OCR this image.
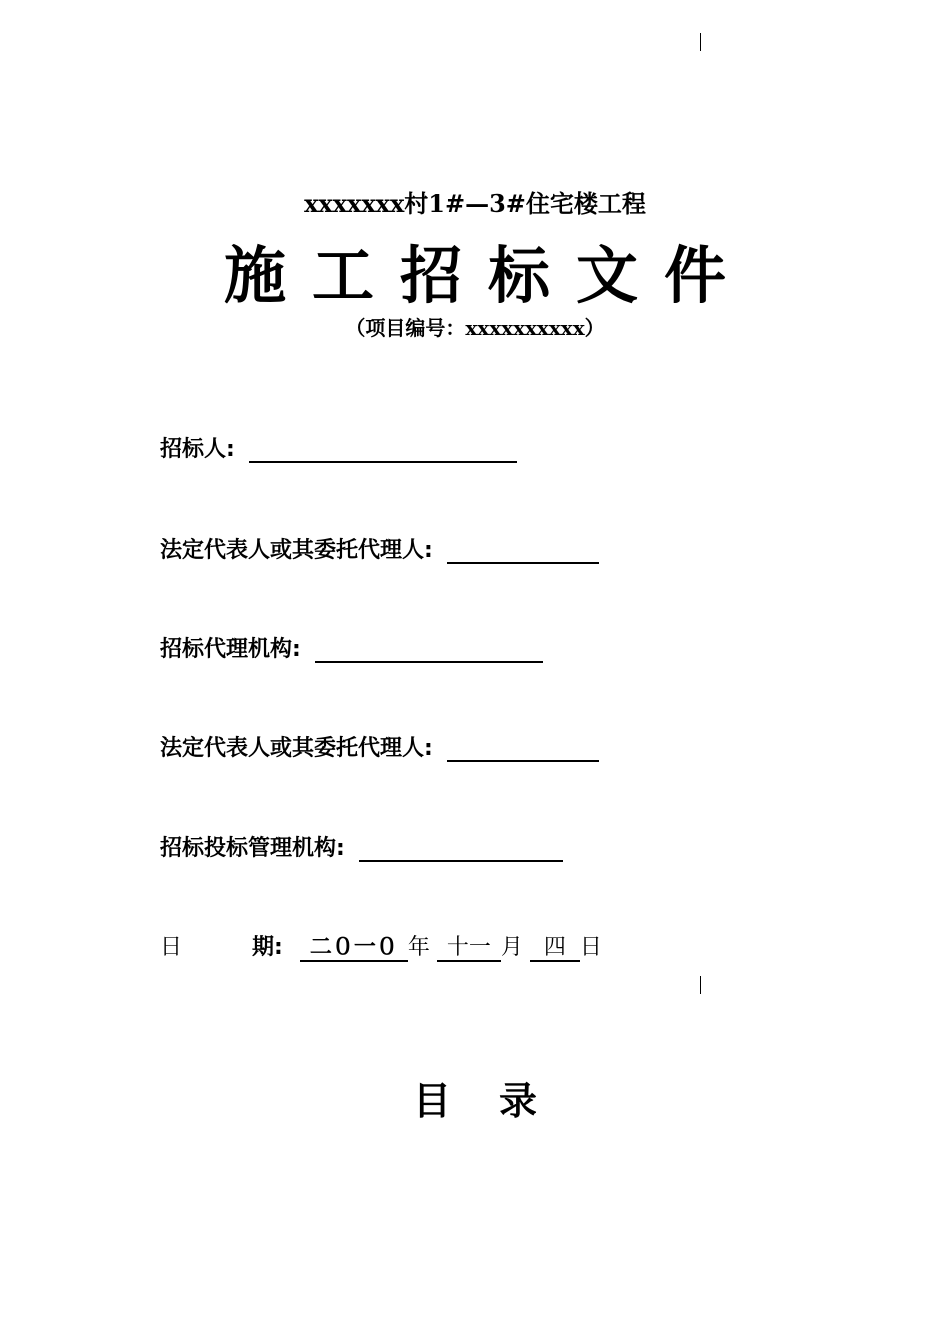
xxxxxxx村1#—3#住宅楼工程
施工招标文件
（项目编号：xxxxxxxxxx）
招标人:
法定代表人或其委托代理人:
招标代理机构:
法定代表人或其委托代理人:
招标投标管理机构:
日	期: 二０一０ 年 十一 月 四 日
目录
